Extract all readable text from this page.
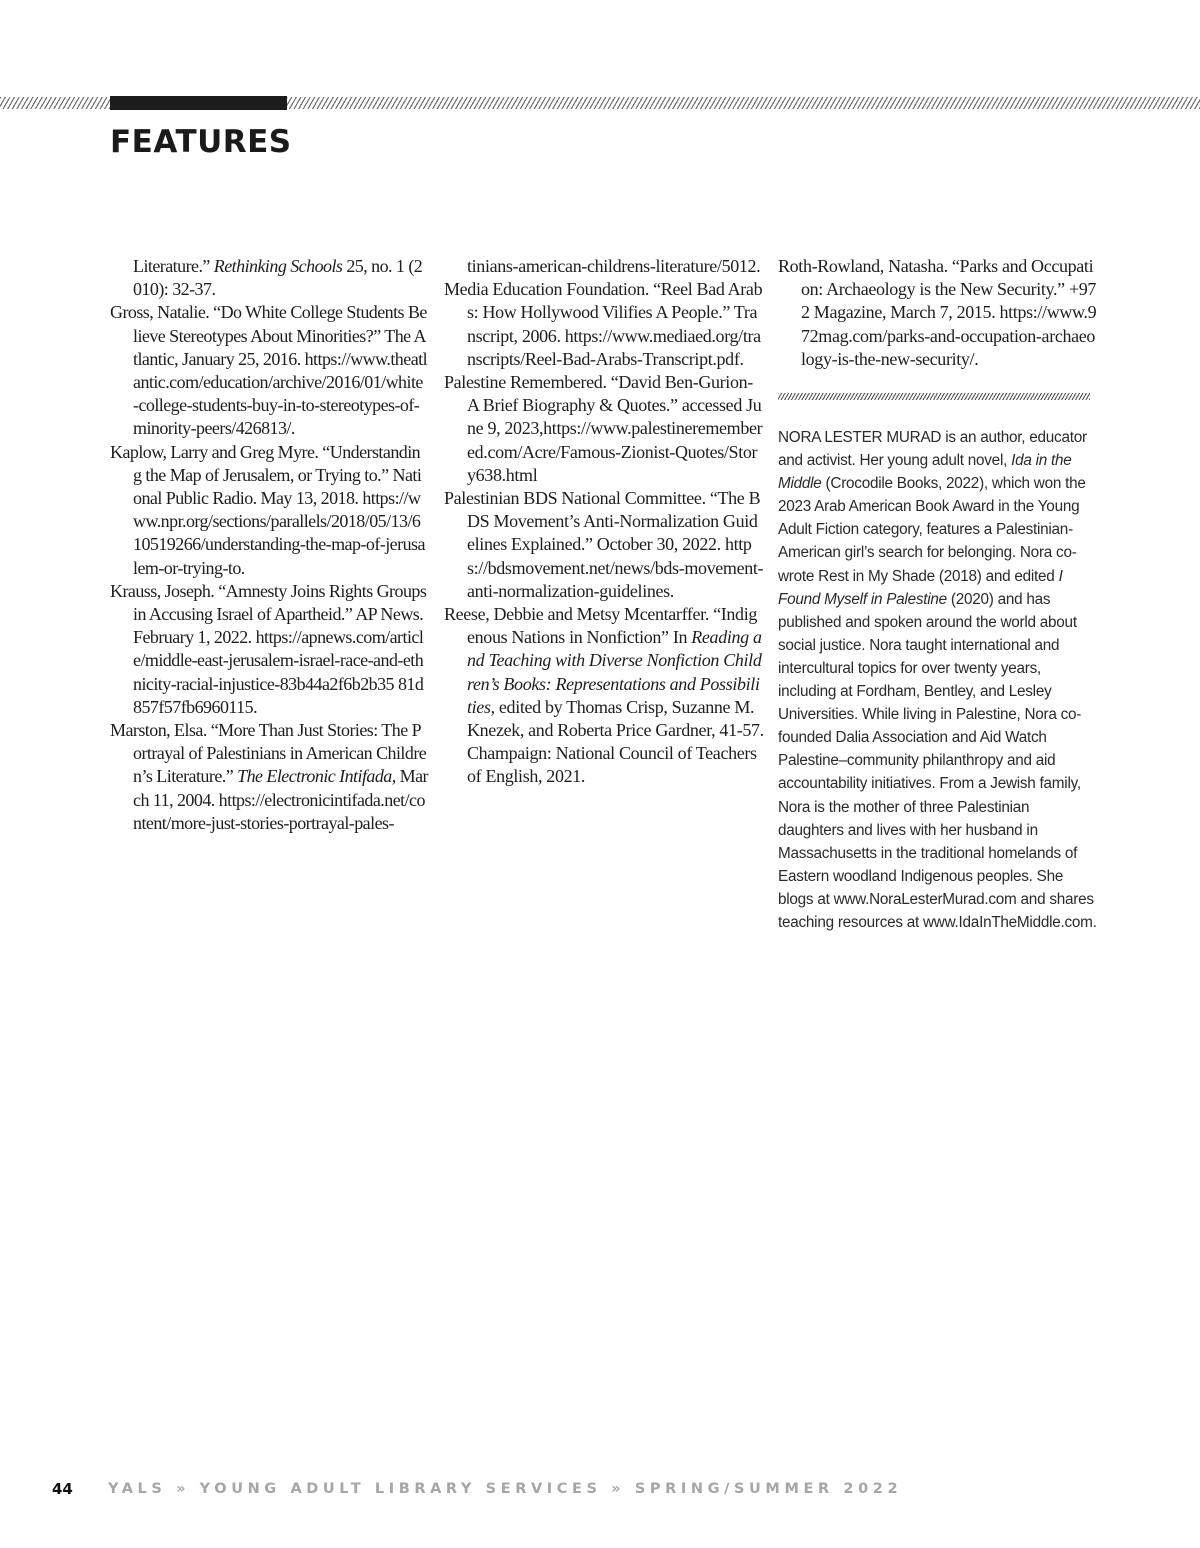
FEATURES

Literature.” Rethinking Schools 25, no. 1 (2010): 32-37.

Gross, Natalie. “Do White College Students Believe Stereotypes About Minorities?” The Atlantic, January 25, 2016. https://www.theatlantic.com/education/archive/2016/01/white-college-students-buy-in-to-stereotypes-of-minority-peers/426813/.

Kaplow, Larry and Greg Myre. “Understanding the Map of Jerusalem, or Trying to.” National Public Radio. May 13, 2018. https://www.npr.org/sections/parallels/2018/05/13/610519266/understanding-the-map-of-jerusalem-or-trying-to.

Krauss, Joseph. “Amnesty Joins Rights Groups in Accusing Israel of Apartheid.” AP News. February 1, 2022. https://apnews.com/article/middle-east-jerusalem-israel-race-and-ethnicity-racial-injustice-83b44a2f6b2b35 81d857f57fb6960115.

Marston, Elsa. “More Than Just Stories: The Portrayal of Palestinians in American Children’s Literature.” The Electronic Intifada, March 11, 2004. https://electronicintifada.net/content/more-just-stories-portrayal-pales-

tinians-american-childrens-literature/5012.

Media Education Foundation. “Reel Bad Arabs: How Hollywood Vilifies A People.” Transcript, 2006. https://www.mediaed.org/transcripts/Reel-Bad-Arabs-Transcript.pdf.

Palestine Remembered. “David Ben-Gurion-A Brief Biography & Quotes.” accessed June 9, 2023,https://www.palestineremembered.com/Acre/Famous-Zionist-Quotes/Story638.html

Palestinian BDS National Committee. “The BDS Movement’s Anti-Normalization Guidelines Explained.” October 30, 2022. https://bdsmovement.net/news/bds-movement-anti-normalization-guidelines.

Reese, Debbie and Metsy Mcentarffer. “Indigenous Nations in Nonfiction” In Reading and Teaching with Diverse Nonfiction Children’s Books: Representations and Possibilities, edited by Thomas Crisp, Suzanne M. Knezek, and Roberta Price Gardner, 41-57. Champaign: National Council of Teachers of English, 2021.

Roth-Rowland, Natasha. “Parks and Occupation: Archaeology is the New Security.” +972 Magazine, March 7, 2015. https://www.972mag.com/parks-and-occupation-archaeology-is-the-new-security/.

NORA LESTER MURAD is an author, educator and activist. Her young adult novel, Ida in the Middle (Crocodile Books, 2022), which won the 2023 Arab American Book Award in the Young Adult Fiction category, features a Palestinian-American girl’s search for belonging. Nora co-wrote Rest in My Shade (2018) and edited I Found Myself in Palestine (2020) and has published and spoken around the world about social justice. Nora taught international and intercultural topics for over twenty years, including at Fordham, Bentley, and Lesley Universities. While living in Palestine, Nora co-founded Dalia Association and Aid Watch Palestine–community philanthropy and aid accountability initiatives. From a Jewish family, Nora is the mother of three Palestinian daughters and lives with her husband in Massachusetts in the traditional homelands of Eastern woodland Indigenous peoples. She blogs at www.NoraLesterMurad.com and shares teaching resources at www.IdaInTheMiddle.com.

44 YALS » YOUNG ADULT LIBRARY SERVICES » SPRING/SUMMER 2022
